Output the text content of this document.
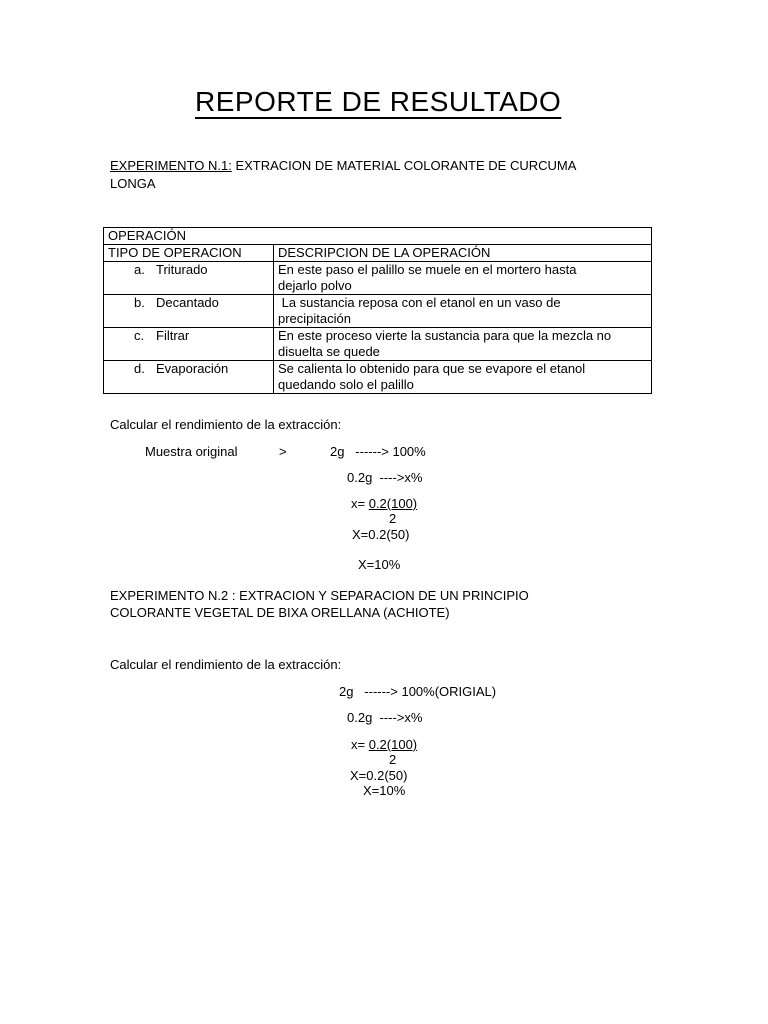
REPORTE DE RESULTADO
EXPERIMENTO N.1: EXTRACION DE MATERIAL COLORANTE DE CURCUMA
LONGA
OPERACIÓN	
TIPO DE OPERACION	DESCRIPCION DE LA OPERACIÓN

a. Triturado	En este paso el palillo se muele en el mortero hasta
dejarlo polvo

b. Decantado	La sustancia reposa con el etanol en un vaso de
precipitación

c. Filtrar	En este proceso vierte la sustancia para que la mezcla no
disuelta se quede

d. Evaporación	Se calienta lo obtenido para que se evapore el etanol
quedando solo el palillo
Calcular el rendimiento de la extracción:
Muestra original	>	2g   ------> 100%
0.2g  ---->x%
x= 0.2(100)
2
X=0.2(50)
X=10%
EXPERIMENTO N.2 : EXTRACION Y SEPARACION DE UN PRINCIPIO
COLORANTE VEGETAL DE BIXA ORELLANA (ACHIOTE)
Calcular el rendimiento de la extracción:
2g   ------> 100%(ORIGIAL)
0.2g  ---->x%
x= 0.2(100)
2
X=0.2(50)
X=10%
